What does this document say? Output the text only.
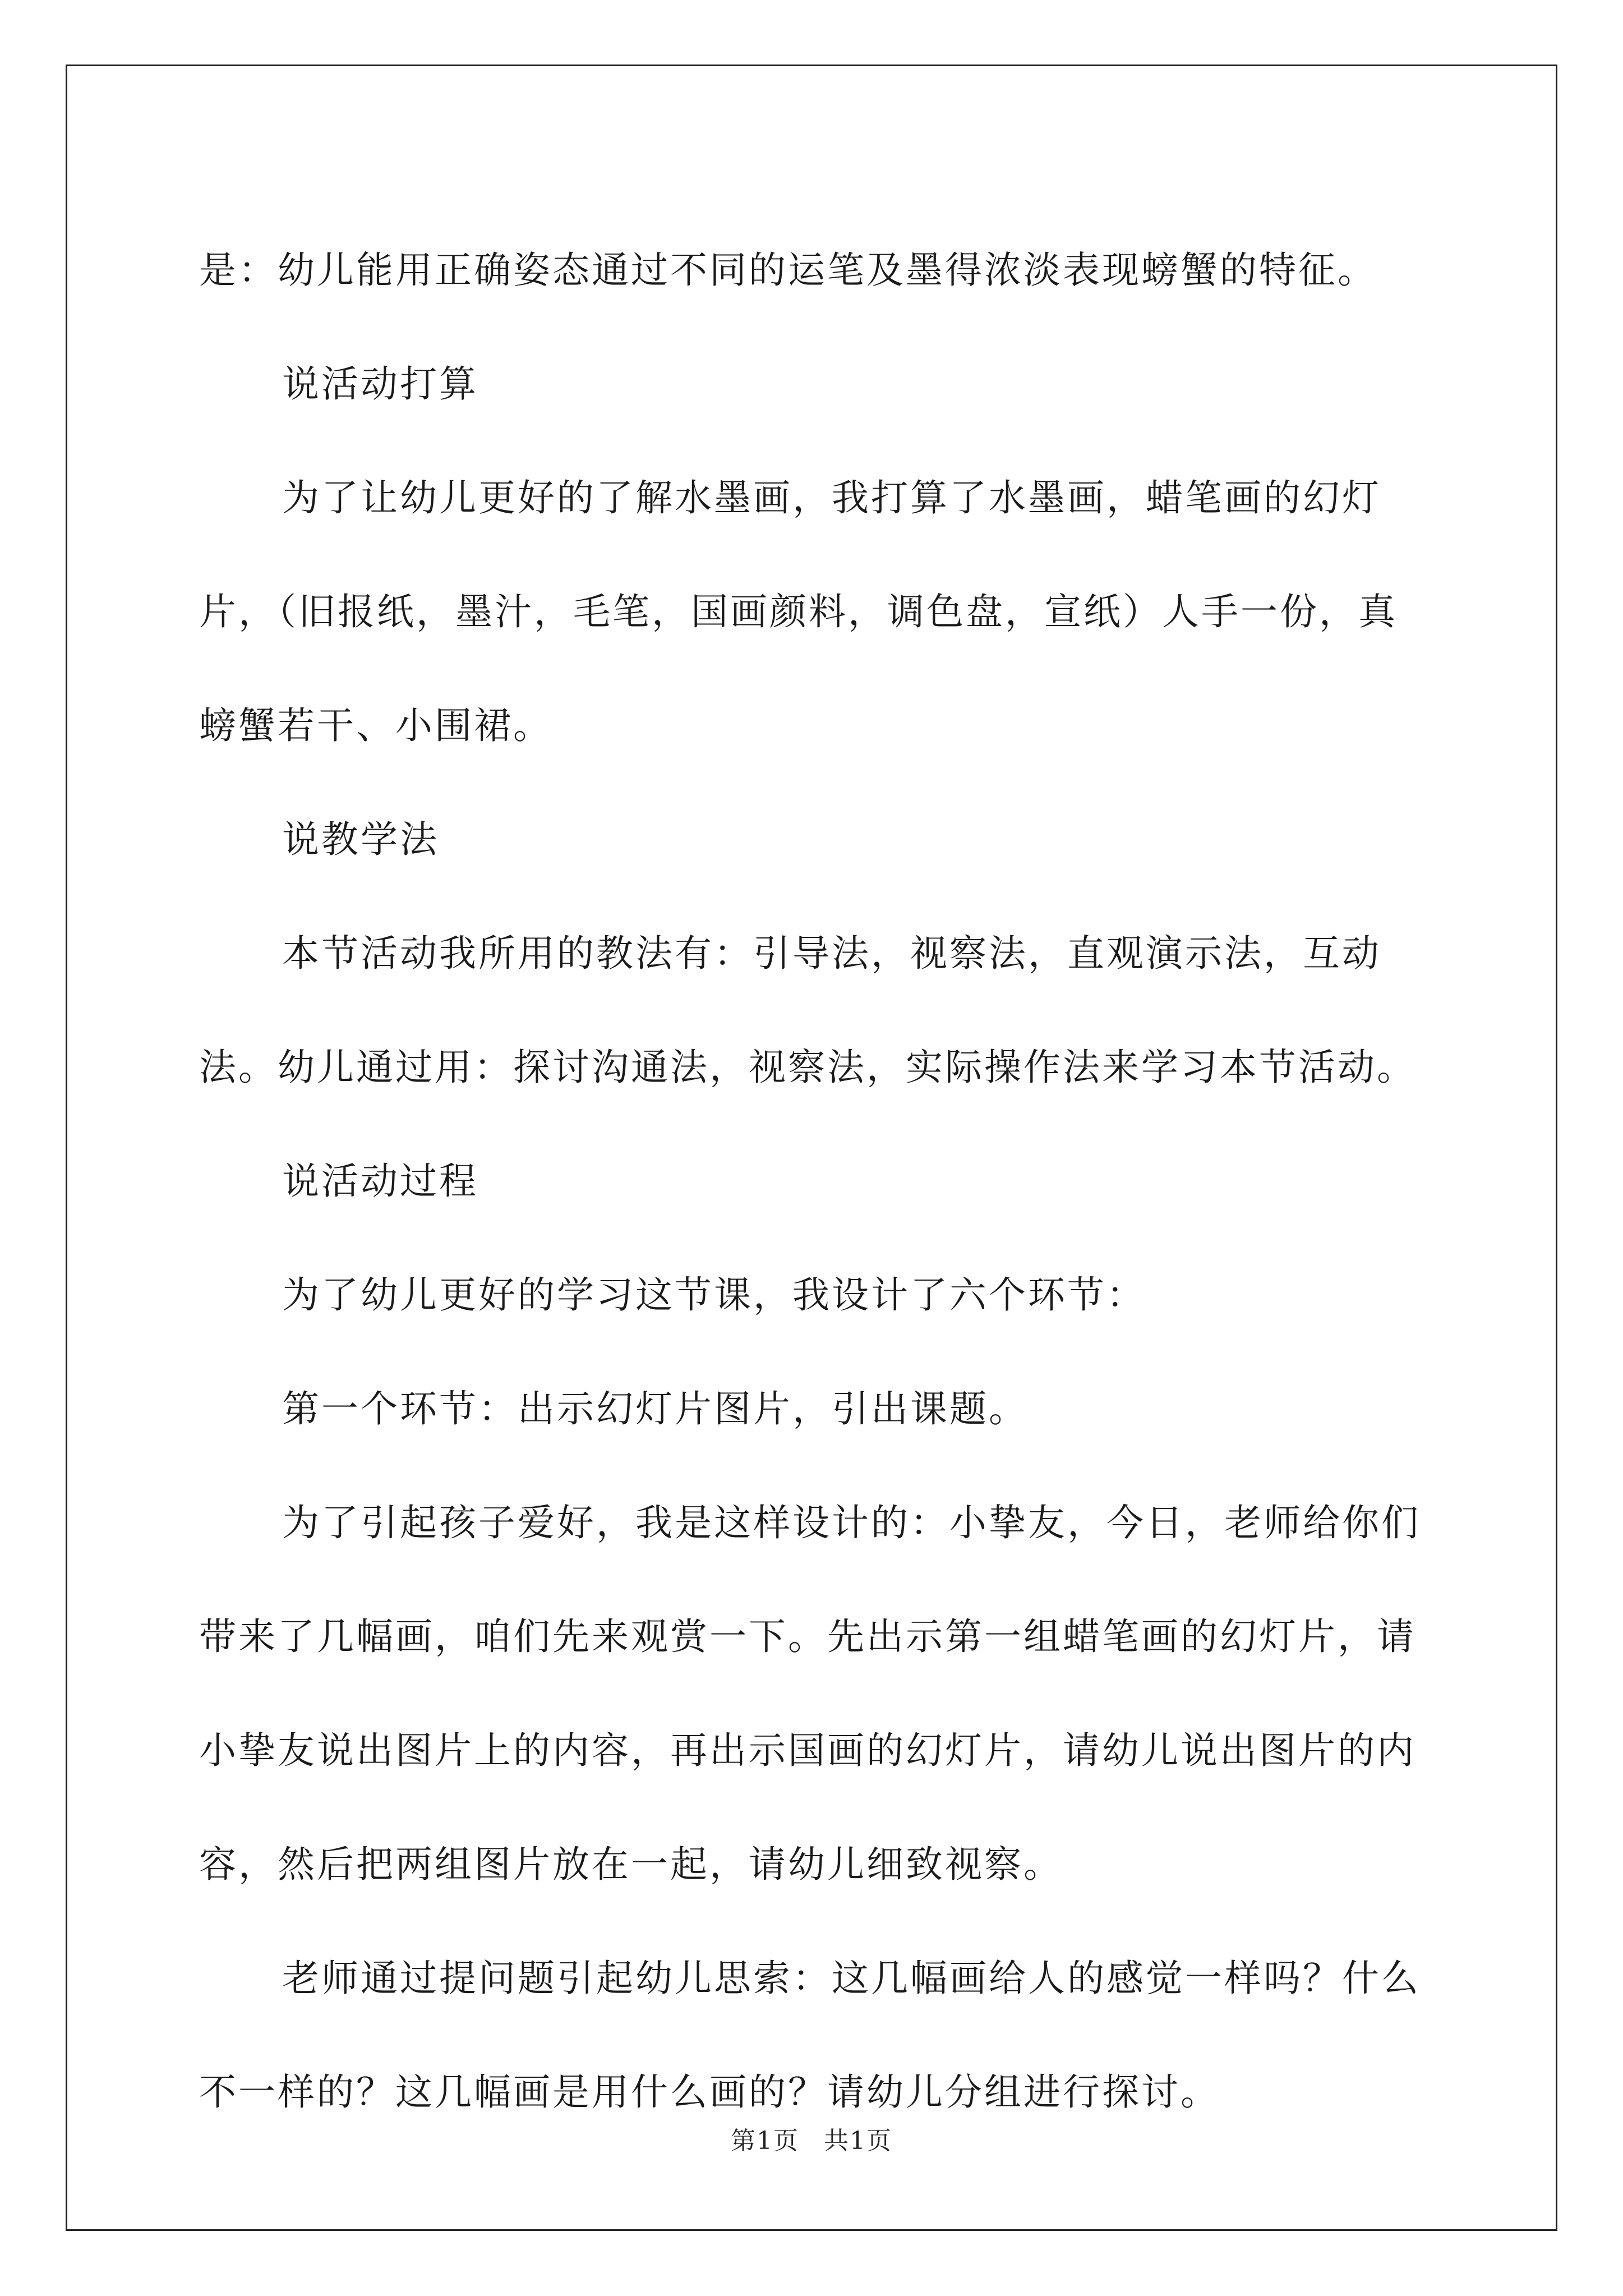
是：幼儿能用正确姿态通过不同的运笔及墨得浓淡表现螃蟹的特征。

说活动打算

为了让幼儿更好的了解水墨画，我打算了水墨画，蜡笔画的幻灯片，（旧报纸，墨汁，毛笔，国画颜料，调色盘，宣纸）人手一份，真螃蟹若干、小围裙。

说教学法

本节活动我所用的教法有：引导法，视察法，直观演示法，互动法。幼儿通过用：探讨沟通法，视察法，实际操作法来学习本节活动。

说活动过程

为了幼儿更好的学习这节课，我设计了六个环节：

第一个环节：出示幻灯片图片，引出课题。

为了引起孩子爱好，我是这样设计的：小挚友，今日，老师给你们带来了几幅画，咱们先来观赏一下。先出示第一组蜡笔画的幻灯片，请小挚友说出图片上的内容，再出示国画的幻灯片，请幼儿说出图片的内容，然后把两组图片放在一起，请幼儿细致视察。

老师通过提问题引起幼儿思索：这几幅画给人的感觉一样吗？什么不一样的？这几幅画是用什么画的？请幼儿分组进行探讨。

第1页 共1页
